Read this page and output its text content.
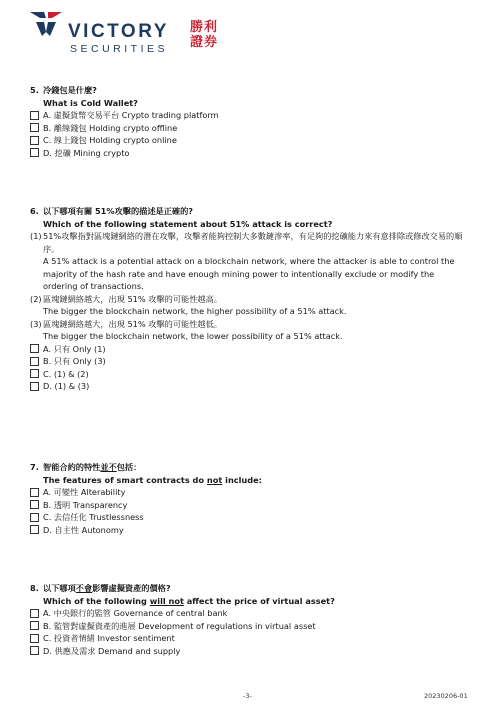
VICTORY
SECURITIES
勝利證券
5. 冷錢包是什麼?
What is Cold Wallet?
A. 虛擬貨幣交易平台 Crypto trading platform
B. 離線錢包 Holding crypto offline
C. 線上錢包 Holding crypto online
D. 挖礦 Mining crypto
6. 以下哪項有關 51%攻擊的描述是正確的?
Which of the following statement about 51% attack is correct?
(1) 51%攻擊指對區塊鏈網絡的潛在攻擊，攻擊者能夠控制大多數鏈滲率，有足夠的挖礦能力來有意排除或修改交易的順序。
A 51% attack is a potential attack on a blockchain network, where the attacker is able to control the majority of the hash rate and have enough mining power to intentionally exclude or modify the ordering of transactions.
(2) 區塊鏈網絡越大，出現 51% 攻擊的可能性越高。
The bigger the blockchain network, the higher possibility of a 51% attack.
(3) 區塊鏈網絡越大，出現 51% 攻擊的可能性越低。
The bigger the blockchain network, the lower possibility of a 51% attack.
A. 只有 Only (1)
B. 只有 Only (3)
C. (1) & (2)
D. (1) & (3)
7. 智能合約的特性並不包括：
The features of smart contracts do not include:
A. 可變性 Alterability
B. 透明 Transparency
C. 去信任化 Trustlessness
D. 自主性 Autonomy
8. 以下哪項不會影響虛擬資產的價格?
Which of the following will not affect the price of virtual asset?
A. 中央銀行的監管 Governance of central bank
B. 監管對虛擬資產的進展 Development of regulations in virtual asset
C. 投資者情緒 Investor sentiment
D. 供應及需求 Demand and supply
-3-	20230206-01
